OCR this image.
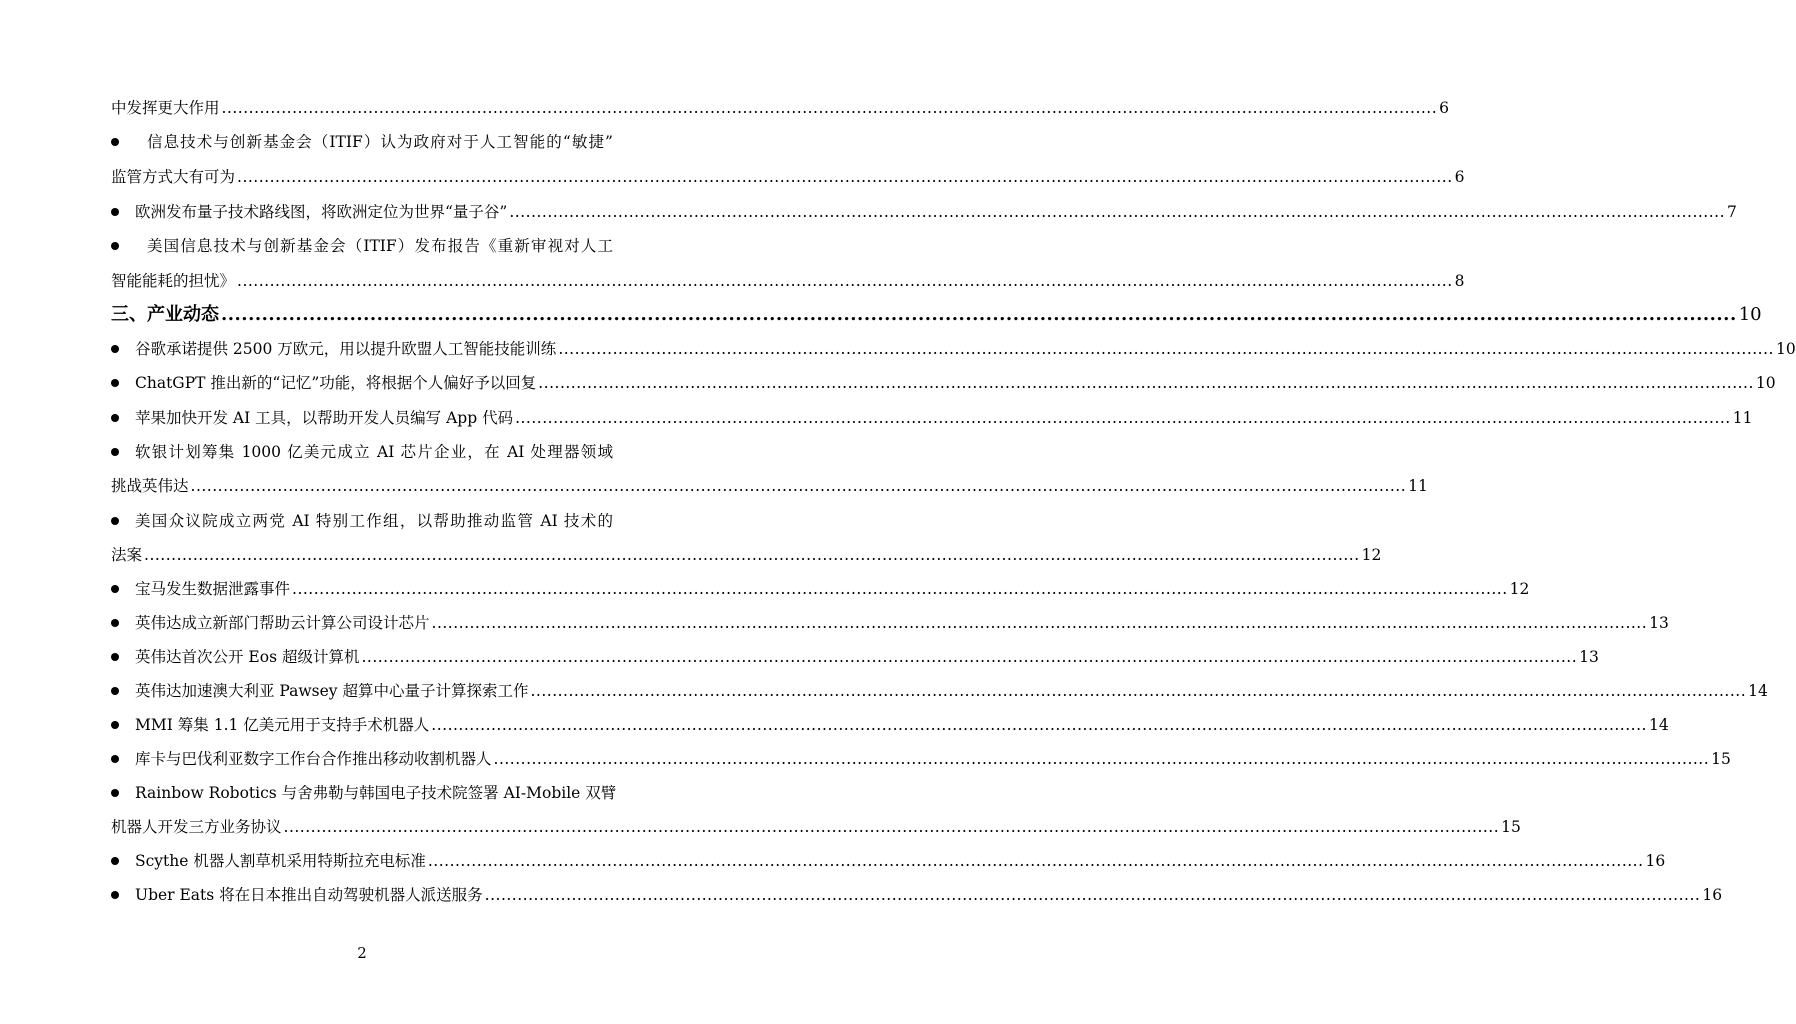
中发挥更大作用 .....	6
信息技术与创新基金会（ITIF）认为政府对于人工智能的“敏捷”
监管方式大有可为 .....	6
欧洲发布量子技术路线图，将欧洲定位为世界“量子谷” .....	7
美国信息技术与创新基金会（ITIF）发布报告《重新审视对人工
智能能耗的担忧》 .....	8
三、产业动态 .....	10
谷歌承诺提供 2500 万欧元，用以提升欧盟人工智能技能训练 .....	10
ChatGPT 推出新的“记忆”功能，将根据个人偏好予以回复 .....	10
苹果加快开发 AI 工具，以帮助开发人员编写 App 代码 .....	11
软银计划筹集 1000 亿美元成立 AI 芯片企业，在 AI 处理器领域
挑战英伟达 .....	11
美国众议院成立两党 AI 特别工作组，以帮助推动监管 AI 技术的
法案 .....	12
宝马发生数据泄露事件 .....	12
英伟达成立新部门帮助云计算公司设计芯片 .....	13
英伟达首次公开 Eos 超级计算机 .....	13
英伟达加速澳大利亚 Pawsey 超算中心量子计算探索工作 .....	14
MMI 筹集 1.1 亿美元用于支持手术机器人 .....	14
库卡与巴伐利亚数字工作台合作推出移动收割机器人 .....	15
Rainbow Robotics 与舍弗勒与韩国电子技术院签署 AI-Mobile 双臂
机器人开发三方业务协议 .....	15
Scythe 机器人割草机采用特斯拉充电标准 .....	16
Uber Eats 将在日本推出自动驾驶机器人派送服务 .....	16
2
